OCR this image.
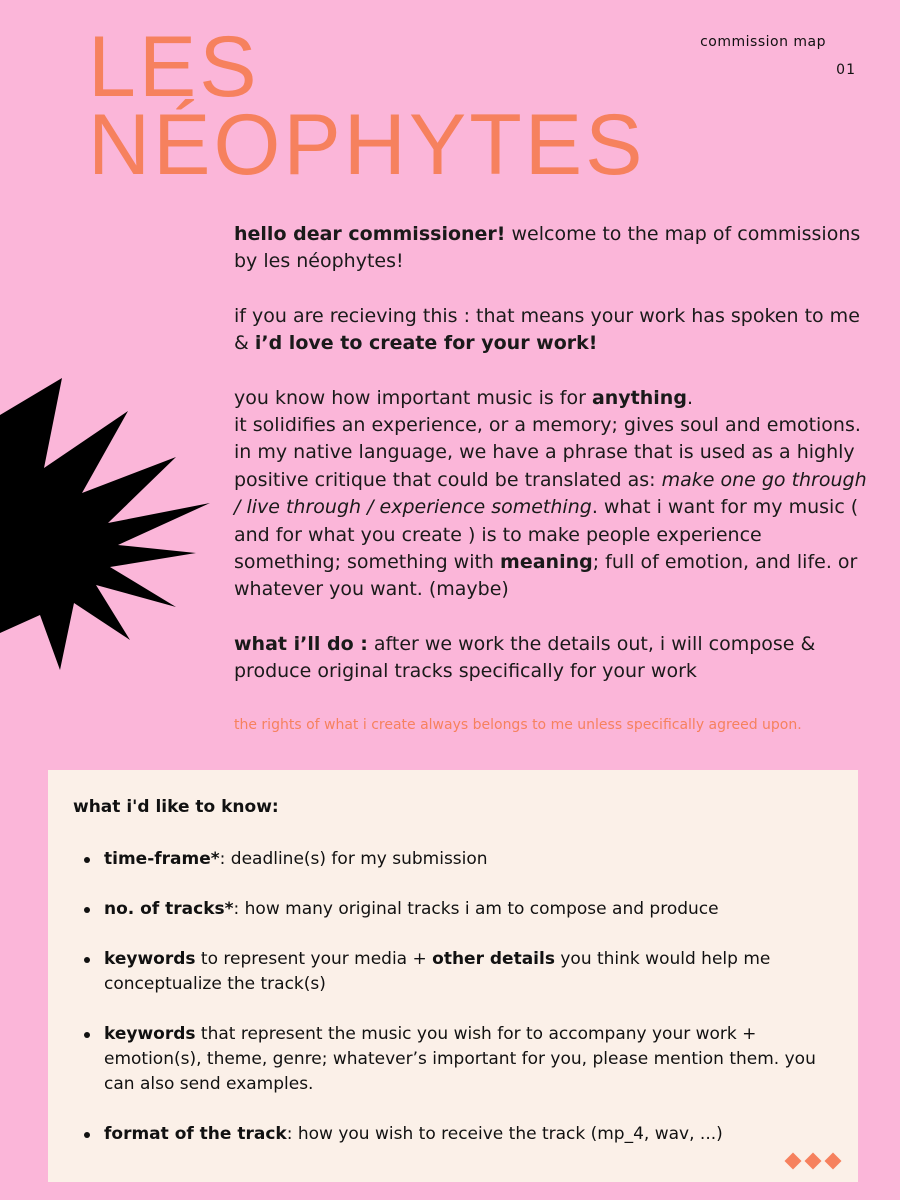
LES
NÉOPHYTES
commission map
01

hello dear commissioner! welcome to the map of commissions by les néophytes!

if you are recieving this : that means your work has spoken to me & i’d love to create for your work!

you know how important music is for anything.
it solidifies an experience, or a memory; gives soul and emotions. in my native language, we have a phrase that is used as a highly positive critique that could be translated as: make one go through / live through / experience something. what i want for my music ( and for what you create ) is to make people experience something; something with meaning; full of emotion, and life. or whatever you want. (maybe)

what i’ll do : after we work the details out, i will compose & produce original tracks specifically for your work

the rights of what i create always belongs to me unless specifically agreed upon.
what i'd like to know:
time-frame*: deadline(s) for my submission
no. of tracks*: how many original tracks i am to compose and produce
keywords to represent your media + other details you think would help me conceptualize the track(s)
keywords that represent the music you wish for to accompany your work + emotion(s), theme, genre; whatever’s important for you, please mention them. you can also send examples.
format of the track: how you wish to receive the track (mp_4, wav, ...)
